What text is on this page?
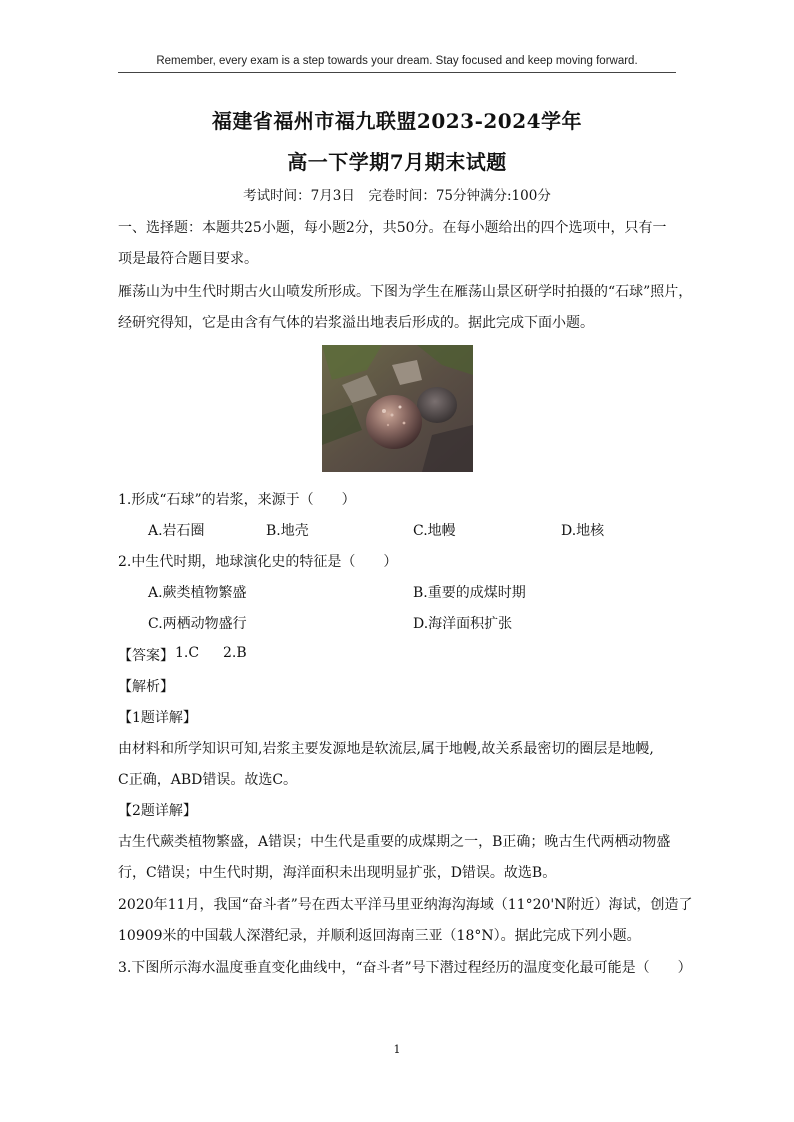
Remember, every exam is a step towards your dream. Stay focused and keep moving forward.
福建省福州市福九联盟2023-2024学年
高一下学期7月期末试题
考试时间：7月3日　完卷时间：75分钟满分:100分
一、选择题：本题共25小题，每小题2分，共50分。在每小题给出的四个选项中，只有一
项是最符合题目要求。
雁荡山为中生代时期古火山喷发所形成。下图为学生在雁荡山景区研学时拍摄的“石球”照片，
经研究得知，它是由含有气体的岩浆溢出地表后形成的。据此完成下面小题。
1.形成“石球”的岩浆，来源于（　　）
A.岩石圈	B.地壳	C.地幔	D.地核
2.中生代时期，地球演化史的特征是（　　）
A.蕨类植物繁盛	B.重要的成煤时期
C.两栖动物盛行	D.海洋面积扩张
【答案】 1.C 2.B
【解析】
【1题详解】
由材料和所学知识可知,岩浆主要发源地是软流层,属于地幔,故关系最密切的圈层是地幔,
C正确，ABD错误。故选C。
【2题详解】
古生代蕨类植物繁盛，A错误；中生代是重要的成煤期之一，B正确；晚古生代两栖动物盛
行，C错误；中生代时期，海洋面积未出现明显扩张，D错误。故选B。
2020年11月，我国“奋斗者”号在西太平洋马里亚纳海沟海域（11°20'N附近）海试，创造了
10909米的中国载人深潜纪录，并顺利返回海南三亚（18°N）。据此完成下列小题。
3.下图所示海水温度垂直变化曲线中，“奋斗者”号下潜过程经历的温度变化最可能是（　　）
1
